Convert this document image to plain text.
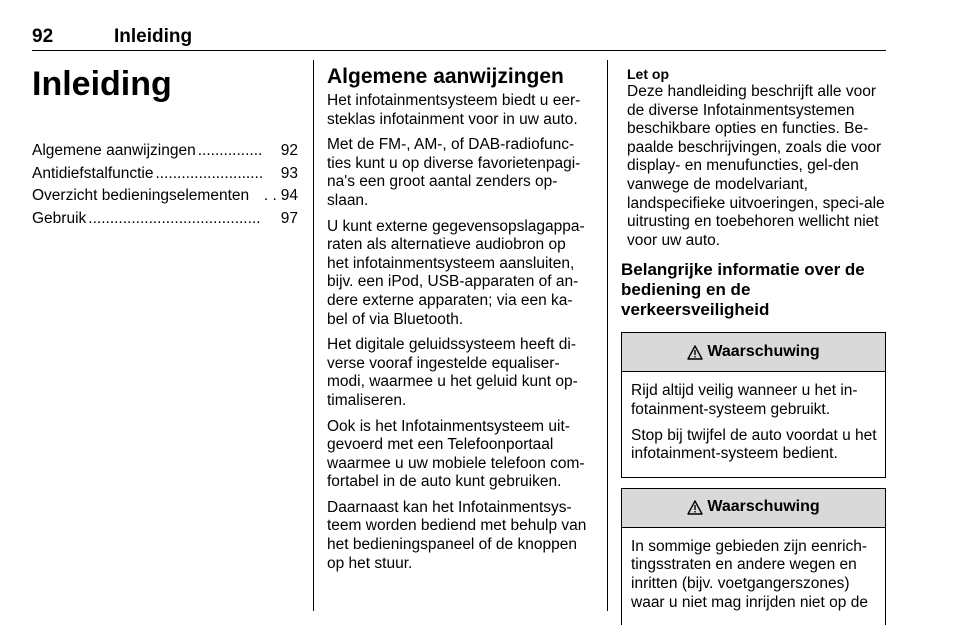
92	Inleiding
Inleiding
Algemene aanwijzingen ...............	92
Antidiefstalfunctie .........................	93
Overzicht bedieningselementen . . 94
Gebruik ........................................	97
Algemene aanwijzingen

Het infotainmentsysteem biedt u eer-steklas infotainment voor in uw auto.

Met de FM-, AM-, of DAB-radiofunc-ties kunt u op diverse favorietenpagi-na's een groot aantal zenders op-slaan.

U kunt externe gegevensopslagappa-raten als alternatieve audiobron op het infotainmentsysteem aansluiten, bijv. een iPod, USB-apparaten of an-dere externe apparaten; via een ka-bel of via Bluetooth.

Het digitale geluidssysteem heeft di-verse vooraf ingestelde equaliser-modi, waarmee u het geluid kunt op-timaliseren.

Ook is het Infotainmentsysteem uit-gevoerd met een Telefoonportaal waarmee u uw mobiele telefoon com-fortabel in de auto kunt gebruiken.

Daarnaast kan het Infotainmentsys-teem worden bediend met behulp van het bedieningspaneel of de knoppen op het stuur.

Let op

Deze handleiding beschrijft alle voor de diverse Infotainmentsystemen beschikbare opties en functies. Be-paalde beschrijvingen, zoals die voor display- en menufuncties, gel-den vanwege de modelvariant, landspecifieke uitvoeringen, speci-ale uitrusting en toebehoren wellicht niet voor uw auto.

Belangrijke informatie over de bediening en de verkeersveiligheid
Waarschuwing

Rijd altijd veilig wanneer u het in-fotainment-systeem gebruikt.

Stop bij twijfel de auto voordat u het infotainment-systeem bedient.

Waarschuwing

In sommige gebieden zijn eenrich-tingsstraten en andere wegen en inritten (bijv. voetgangerszones) waar u niet mag inrijden niet op de
